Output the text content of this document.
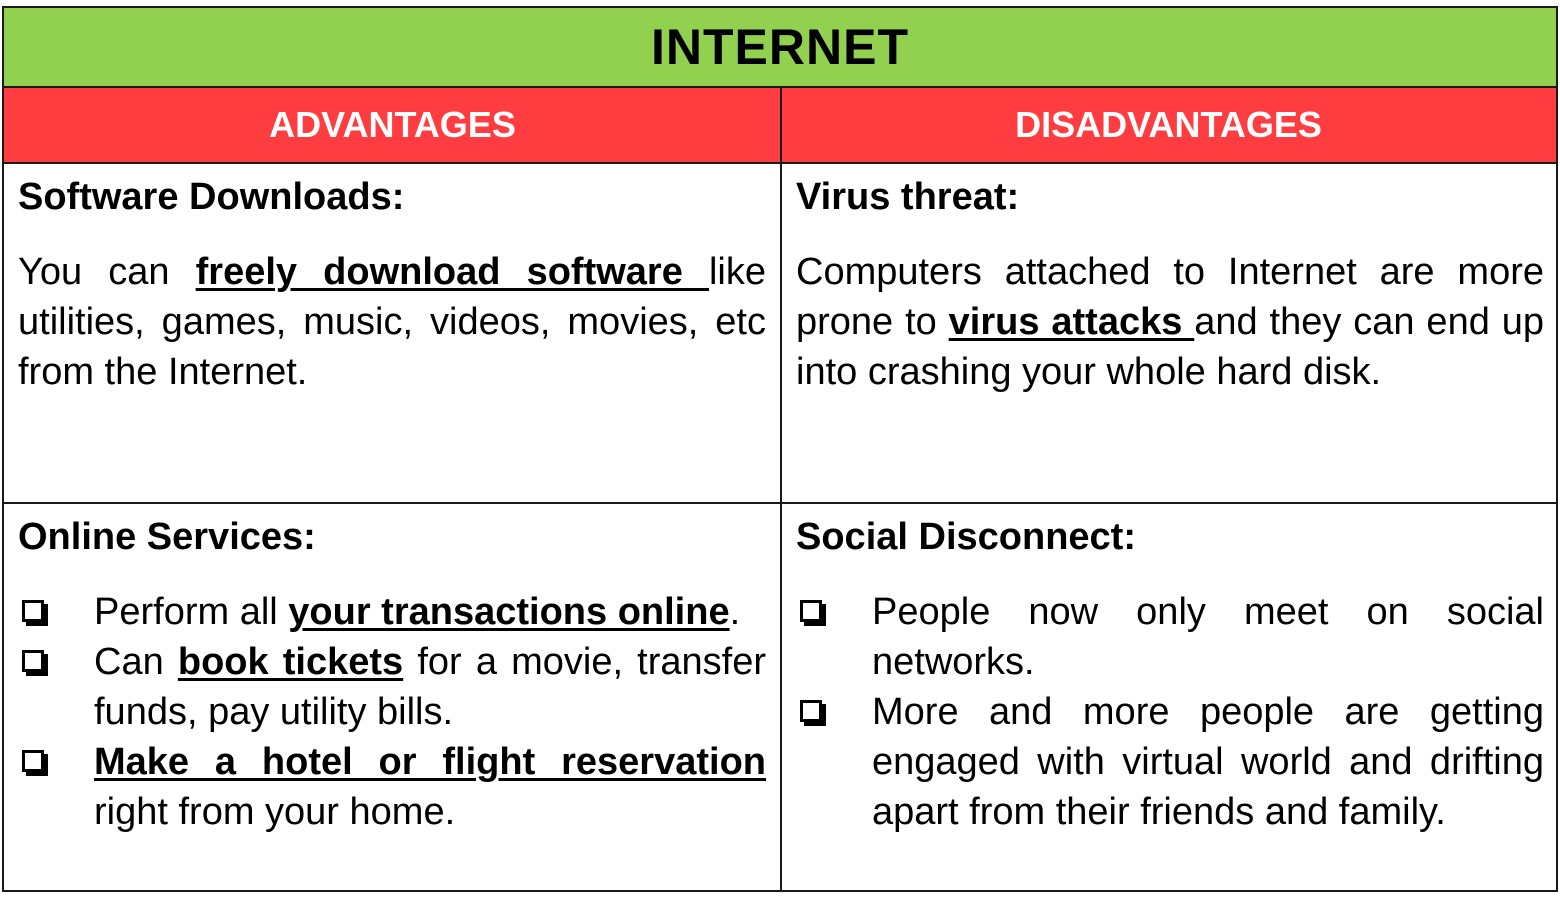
INTERNET
ADVANTAGES	DISADVANTAGES
Software Downloads:
You can freely download software like utilities, games, music, videos, movies, etc from the Internet.
Virus threat:
Computers attached to Internet are more prone to virus attacks and they can end up into crashing your whole hard disk.
Online Services:
Perform all your transactions online.
Can book tickets for a movie, transfer funds, pay utility bills.
Make a hotel or flight reservation right from your home.
Social Disconnect:
People now only meet on social networks.
More and more people are getting engaged with virtual world and drifting apart from their friends and family.
